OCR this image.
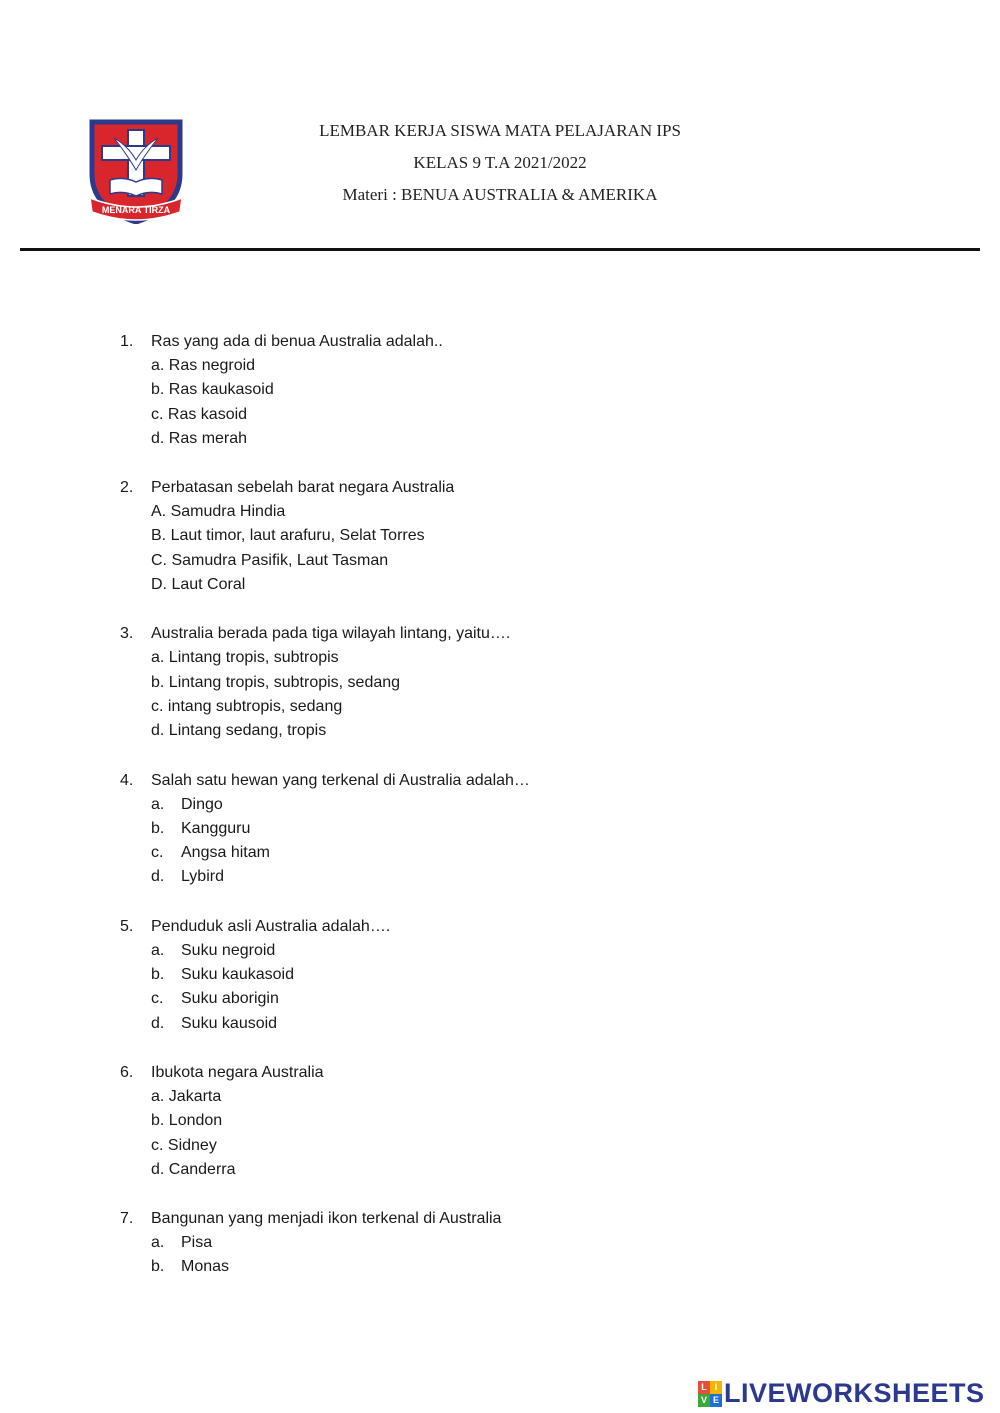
MENARA TIRZA
LEMBAR KERJA SISWA MATA PELAJARAN IPS
KELAS 9 T.A 2021/2022
Materi : BENUA AUSTRALIA & AMERIKA
1.	Ras yang ada di benua Australia adalah..
a. Ras negroid
b. Ras kaukasoid
c. Ras kasoid
d. Ras merah
2.	Perbatasan sebelah barat negara Australia
A. Samudra Hindia
B. Laut timor, laut arafuru, Selat Torres
C. Samudra Pasifik, Laut Tasman
D. Laut Coral
3.	Australia berada pada tiga wilayah lintang, yaitu….
a. Lintang tropis, subtropis
b. Lintang tropis, subtropis, sedang
c. intang subtropis, sedang
d. Lintang sedang, tropis
4.	Salah satu hewan yang terkenal di Australia adalah…
a.	Dingo
b.	Kangguru
c.	Angsa hitam
d.	Lybird
5.	Penduduk asli Australia adalah….
a.	Suku negroid
b.	Suku kaukasoid
c.	Suku aborigin
d.	Suku kausoid
6.	Ibukota negara Australia
a. Jakarta
b. London
c. Sidney
d. Canderra
7.	Bangunan yang menjadi ikon terkenal di Australia
a.	Pisa
b.	Monas
L I
V E LIVEWORKSHEETS
